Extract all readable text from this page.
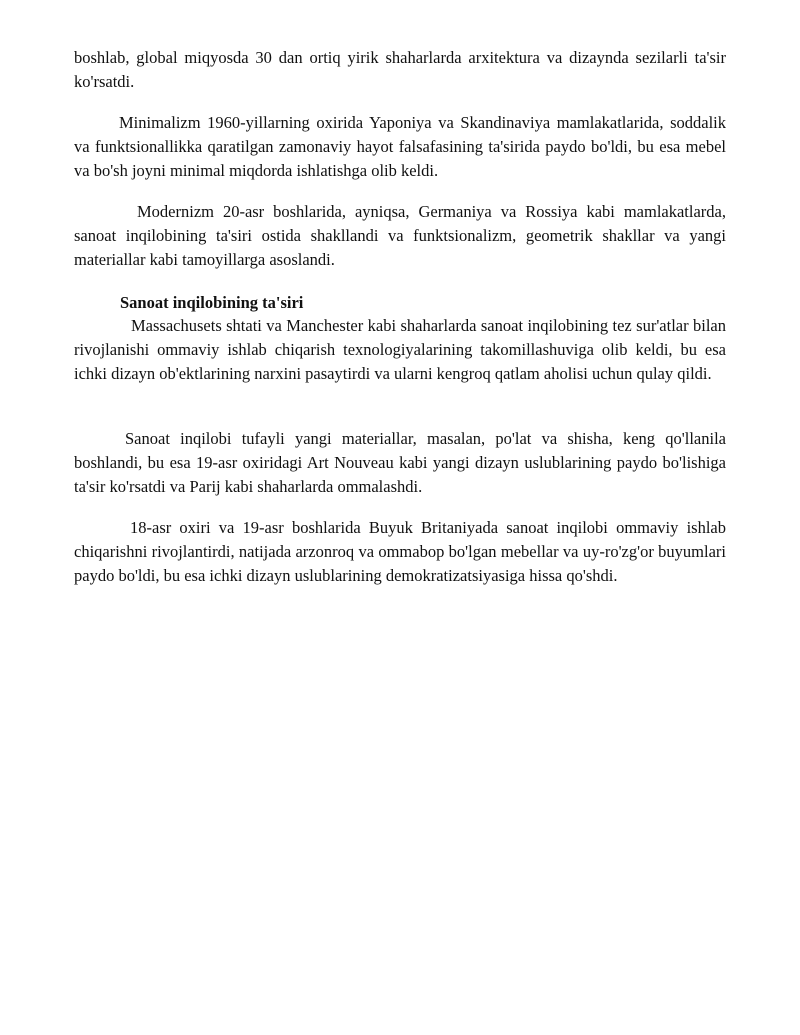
boshlab, global miqyosda 30 dan ortiq yirik shaharlarda arxitektura va dizaynda sezilarli ta'sir ko'rsatdi.

Minimalizm 1960-yillarning oxirida Yaponiya va Skandinaviya mamlakatlarida, soddalik va funktsionallikka qaratilgan zamonaviy hayot falsafasining ta'sirida paydo bo'ldi, bu esa mebel va bo'sh joyni minimal miqdorda ishlatishga olib keldi.

Modernizm 20-asr boshlarida, ayniqsa, Germaniya va Rossiya kabi mamlakatlarda, sanoat inqilobining ta'siri ostida shakllandi va funktsionalizm, geometrik shakllar va yangi materiallar kabi tamoyillarga asoslandi.

Sanoat inqilobining ta'siri

Massachusets shtati va Manchester kabi shaharlarda sanoat inqilobining tez sur'atlar bilan rivojlanishi ommaviy ishlab chiqarish texnologiyalarining takomillashuviga olib keldi, bu esa ichki dizayn ob'ektlarining narxini pasaytirdi va ularni kengroq qatlam aholisi uchun qulay qildi.

Sanoat inqilobi tufayli yangi materiallar, masalan, po'lat va shisha, keng qo'llanila boshlandi, bu esa 19-asr oxiridagi Art Nouveau kabi yangi dizayn uslublarining paydo bo'lishiga ta'sir ko'rsatdi va Parij kabi shaharlarda ommalashdi.

18-asr oxiri va 19-asr boshlarida Buyuk Britaniyada sanoat inqilobi ommaviy ishlab chiqarishni rivojlantirdi, natijada arzonroq va ommabop bo'lgan mebellar va uy-ro'zg'or buyumlari paydo bo'ldi, bu esa ichki dizayn uslublarining demokratizatsiyasiga hissa qo'shdi.
